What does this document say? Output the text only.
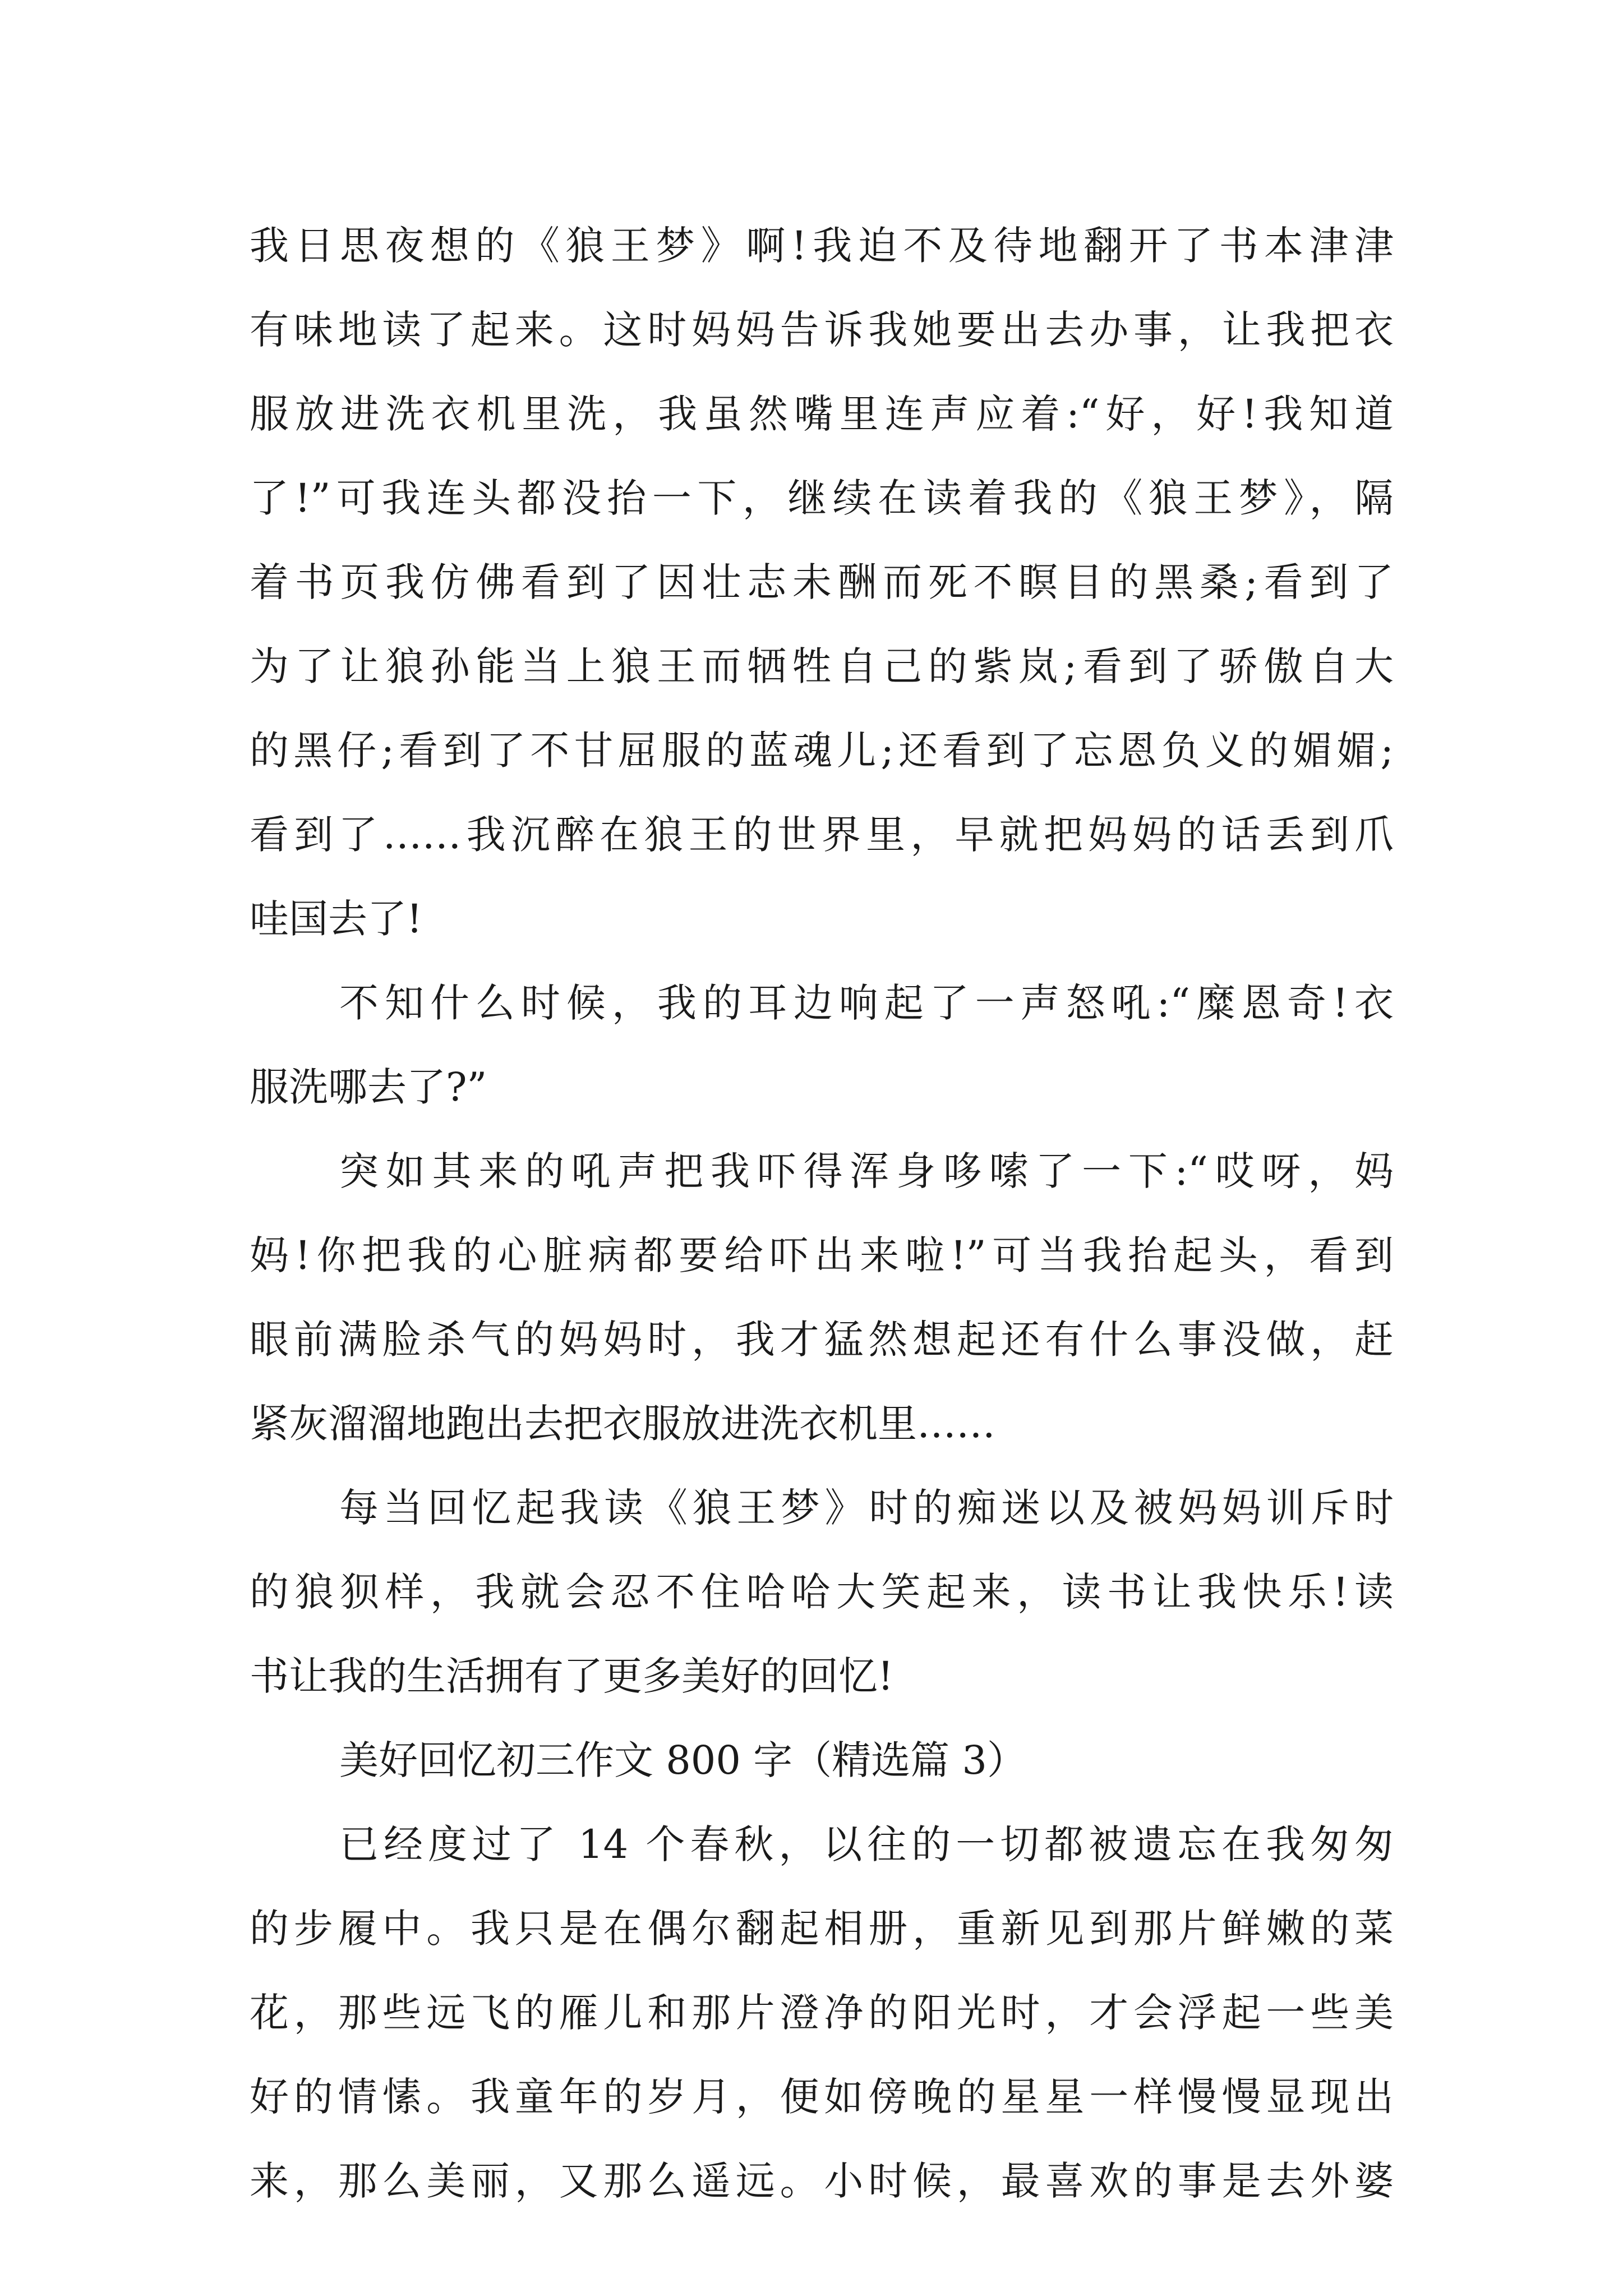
我日思夜想的《狼王梦》啊!我迫不及待地翻开了书本津津
有味地读了起来。这时妈妈告诉我她要出去办事，让我把衣
服放进洗衣机里洗，我虽然嘴里连声应着:“好，好!我知道
了!”可我连头都没抬一下，继续在读着我的《狼王梦》，隔
着书页我仿佛看到了因壮志未酬而死不瞑目的黑桑;看到了
为了让狼孙能当上狼王而牺牲自己的紫岚;看到了骄傲自大
的黑仔;看到了不甘屈服的蓝魂儿;还看到了忘恩负义的媚媚;
看到了……我沉醉在狼王的世界里，早就把妈妈的话丢到爪
哇国去了!
不知什么时候，我的耳边响起了一声怒吼:“糜恩奇!衣
服洗哪去了?”
突如其来的吼声把我吓得浑身哆嗦了一下:“哎呀，妈
妈!你把我的心脏病都要给吓出来啦!”可当我抬起头，看到
眼前满脸杀气的妈妈时，我才猛然想起还有什么事没做，赶
紧灰溜溜地跑出去把衣服放进洗衣机里……
每当回忆起我读《狼王梦》时的痴迷以及被妈妈训斥时
的狼狈样，我就会忍不住哈哈大笑起来，读书让我快乐!读
书让我的生活拥有了更多美好的回忆!
美好回忆初三作文 800 字（精选篇 3）
已经度过了 14 个春秋，以往的一切都被遗忘在我匆匆
的步履中。我只是在偶尔翻起相册，重新见到那片鲜嫩的菜
花，那些远飞的雁儿和那片澄净的阳光时，才会浮起一些美
好的情愫。我童年的岁月，便如傍晚的星星一样慢慢显现出
来，那么美丽，又那么遥远。小时候，最喜欢的事是去外婆
